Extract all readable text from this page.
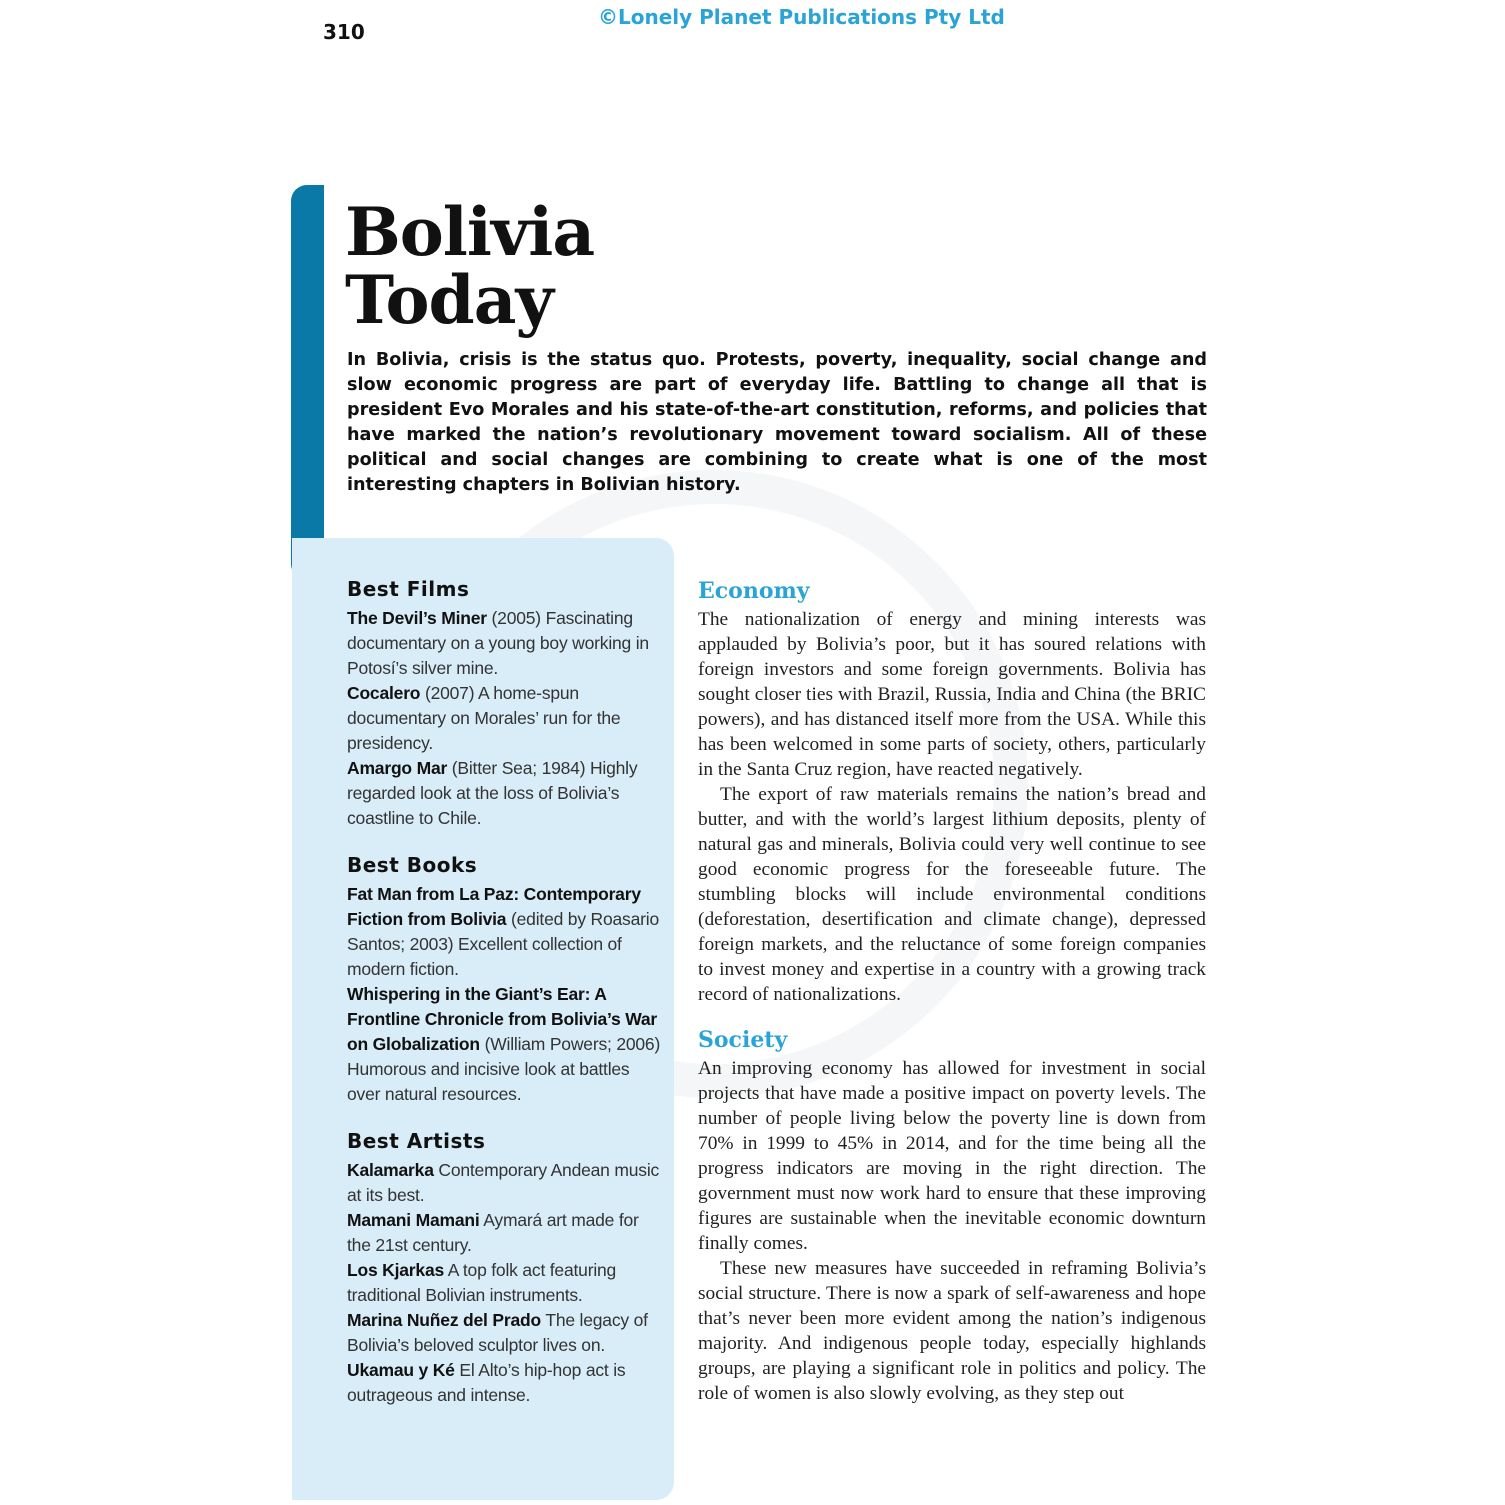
310
©Lonely Planet Publications Pty Ltd
Bolivia
Today

In Bolivia, crisis is the status quo. Protests, poverty, inequality, social change and slow economic progress are part of everyday life. Battling to change all that is president Evo Morales and his state-of-the-art constitution, reforms, and policies that have marked the nation’s revolutionary movement toward socialism. All of these political and social changes are combining to create what is one of the most interesting chapters in Bolivian history.

Best Films

The Devil’s Miner (2005) Fascinating documentary on a young boy working in Potosí’s silver mine.

Cocalero (2007) A home-spun documentary on Morales’ run for the presidency.

Amargo Mar (Bitter Sea; 1984) Highly regarded look at the loss of Bolivia’s coastline to Chile.

Best Books

Fat Man from La Paz: Contemporary Fiction from Bolivia (edited by Roasario Santos; 2003) Excellent collection of modern fiction.

Whispering in the Giant’s Ear: A Frontline Chronicle from Bolivia’s War on Globalization (William Powers; 2006) Humorous and incisive look at battles over natural resources.

Best Artists

Kalamarka Contemporary Andean music at its best.

Mamani Mamani Aymará art made for the 21st century.

Los Kjarkas A top folk act featuring traditional Bolivian instruments.

Marina Nuñez del Prado The legacy of Bolivia’s beloved sculptor lives on.

Ukamau y Ké El Alto’s hip-hop act is outrageous and intense.

Economy

The nationalization of energy and mining interests was applauded by Bolivia’s poor, but it has soured relations with foreign investors and some foreign governments. Bolivia has sought closer ties with Brazil, Russia, India and China (the BRIC powers), and has distanced itself more from the USA. While this has been welcomed in some parts of society, others, particularly in the Santa Cruz region, have reacted negatively.

The export of raw materials remains the nation’s bread and butter, and with the world’s largest lithium deposits, plenty of natural gas and minerals, Bolivia could very well continue to see good economic progress for the foreseeable future. The stumbling blocks will include environmental conditions (deforestation, desertification and climate change), depressed foreign markets, and the reluctance of some foreign companies to invest money and expertise in a country with a growing track record of nationalizations.

Society

An improving economy has allowed for investment in social projects that have made a positive impact on poverty levels. The number of people living below the poverty line is down from 70% in 1999 to 45% in 2014, and for the time being all the progress indicators are moving in the right direction. The government must now work hard to ensure that these improving figures are sustainable when the inevitable economic downturn finally comes.

These new measures have succeeded in reframing Bolivia’s social structure. There is now a spark of self-awareness and hope that’s never been more evident among the nation’s indigenous majority. And indigenous people today, especially highlands groups, are playing a significant role in politics and policy. The role of women is also slowly evolving, as they step out
